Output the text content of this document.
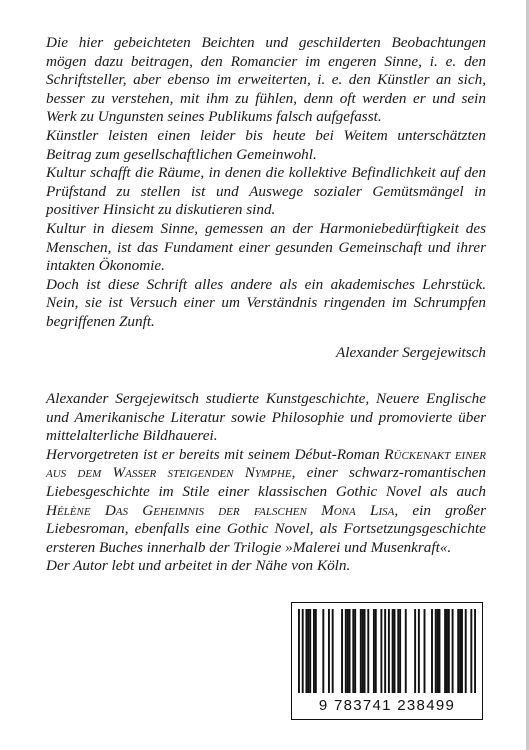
Die hier gebeichteten Beichten und geschilderten Beobachtungen mögen dazu beitragen, den Romancier im engeren Sinne, i. e. den Schriftsteller, aber ebenso im erweiterten, i. e. den Künstler an sich, besser zu verstehen, mit ihm zu fühlen, denn oft werden er und sein Werk zu Ungunsten seines Publikums falsch aufgefasst.

Künstler leisten einen leider bis heute bei Weitem unterschätzten Beitrag zum gesellschaftlichen Gemeinwohl.

Kultur schafft die Räume, in denen die kollektive Befindlichkeit auf den Prüfstand zu stellen ist und Auswege sozialer Gemütsmängel in positiver Hinsicht zu diskutieren sind.

Kultur in diesem Sinne, gemessen an der Harmoniebedürftigkeit des Menschen, ist das Fundament einer gesunden Gemeinschaft und ihrer intakten Ökonomie.

Doch ist diese Schrift alles andere als ein akademisches Lehrstück. Nein, sie ist Versuch einer um Verständnis ringenden im Schrumpfen begriffenen Zunft.

Alexander Sergejewitsch

Alexander Sergejewitsch studierte Kunstgeschichte, Neuere Englische und Amerikanische Literatur sowie Philosophie und promovierte über mittelalterliche Bildhauerei.

Hervorgetreten ist er bereits mit seinem Début-Roman Rückenakt einer aus dem Wasser steigenden Nymphe, einer schwarz-romantischen Liebesgeschichte im Stile einer klassischen Gothic Novel als auch Hélène Das Geheimnis der falschen Mona Lisa, ein großer Liebesroman, ebenfalls eine Gothic Novel, als Fortsetzungsgeschichte ersteren Buches innerhalb der Trilogie »Malerei und Musenkraft«.

Der Autor lebt und arbeitet in der Nähe von Köln.

9 783741 238499
